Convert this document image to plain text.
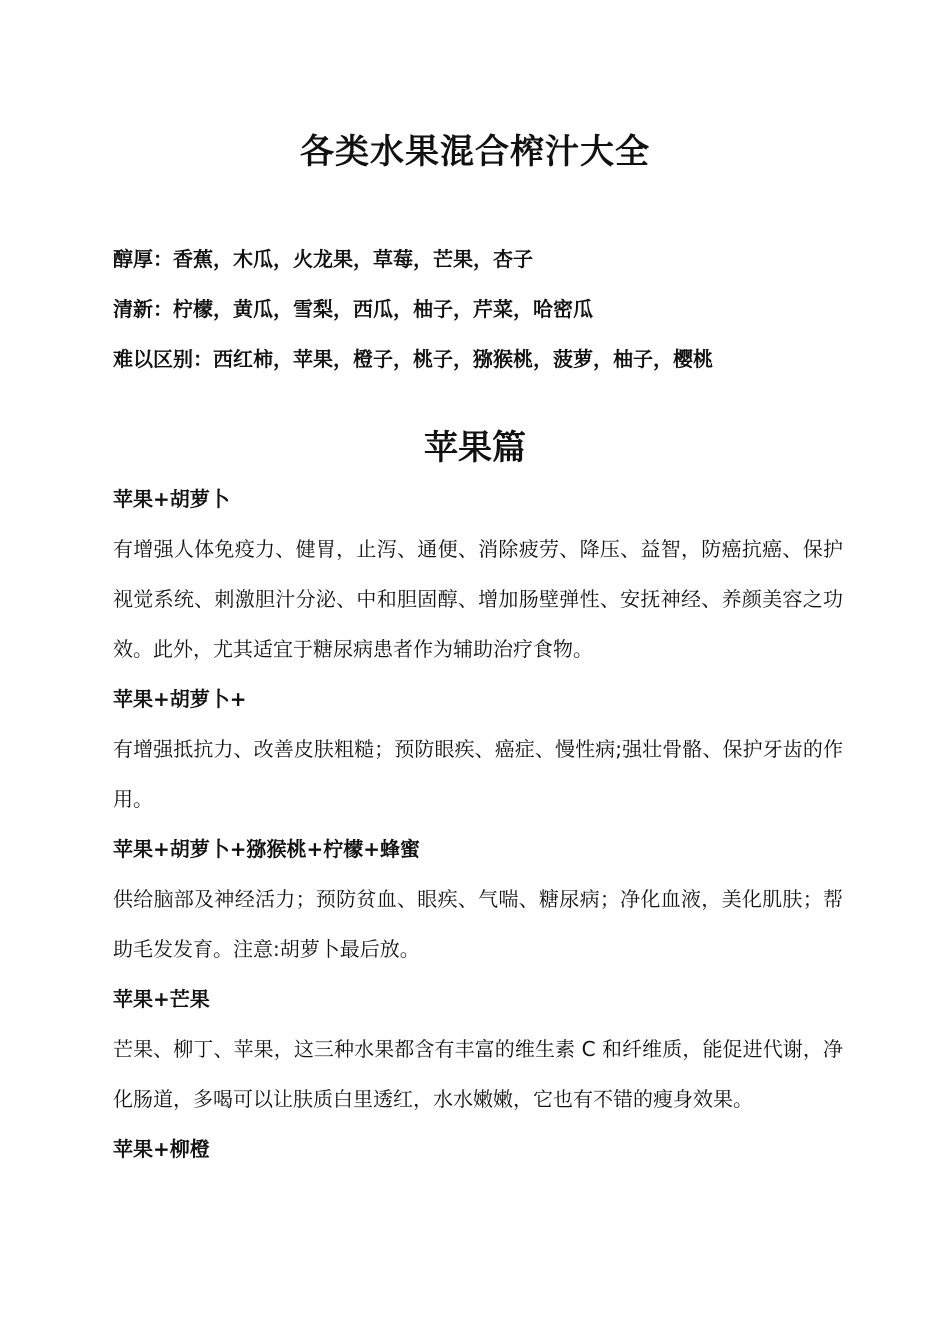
各类水果混合榨汁大全

醇厚：香蕉，木瓜，火龙果，草莓，芒果，杏子

清新：柠檬，黄瓜，雪梨，西瓜，柚子，芹菜，哈密瓜

难以区别：西红柿，苹果，橙子，桃子，猕猴桃，菠萝，柚子，樱桃

苹果篇

苹果+胡萝卜

有增强人体免疫力、健胃，止泻、通便、消除疲劳、降压、益智，防癌抗癌、保护视觉系统、刺激胆汁分泌、中和胆固醇、增加肠壁弹性、安抚神经、养颜美容之功效。此外，尤其适宜于糖尿病患者作为辅助治疗食物。

苹果+胡萝卜+

有增强抵抗力、改善皮肤粗糙；预防眼疾、癌症、慢性病;强壮骨骼、保护牙齿的作用。

苹果+胡萝卜+猕猴桃+柠檬+蜂蜜

供给脑部及神经活力；预防贫血、眼疾、气喘、糖尿病；净化血液，美化肌肤；帮助毛发发育。注意:胡萝卜最后放。

苹果+芒果

芒果、柳丁、苹果，这三种水果都含有丰富的维生素 C 和纤维质，能促进代谢，净化肠道，多喝可以让肤质白里透红，水水嫩嫩，它也有不错的瘦身效果。

苹果+柳橙
